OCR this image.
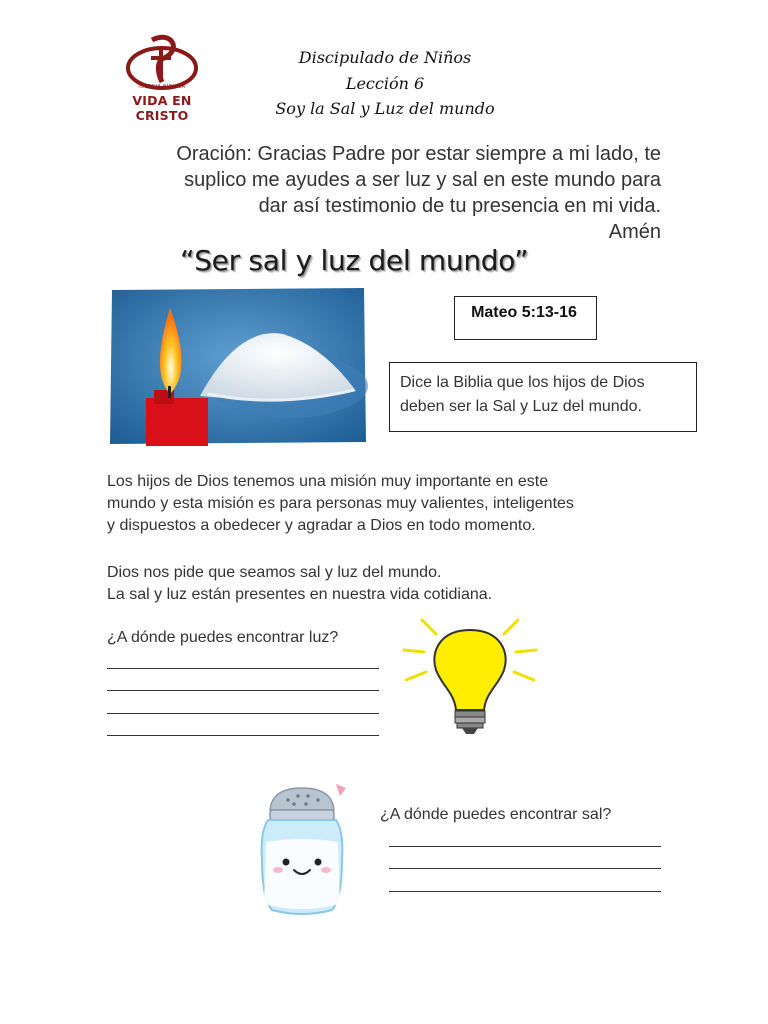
IGLESIA BÍBLICA
VIDA EN CRISTO
Discipulado de Niños
Lección 6
Soy la Sal y Luz del mundo
Oración: Gracias Padre por estar siempre a mi lado, te
suplico me ayudes a ser luz y sal en este mundo para
dar así testimonio de tu presencia en mi vida.
Amén
“Ser sal y luz del mundo”
Mateo 5:13-16
Dice la Biblia que los hijos de Dios
deben ser la Sal y Luz del mundo.
Los hijos de Dios tenemos una misión muy importante en este
mundo y esta misión es para personas muy valientes, inteligentes
y dispuestos a obedecer y agradar a Dios en todo momento.
Dios nos pide que seamos sal y luz del mundo.
La sal y luz están presentes en nuestra vida cotidiana.
¿A dónde puedes encontrar luz?
¿A dónde puedes encontrar sal?
